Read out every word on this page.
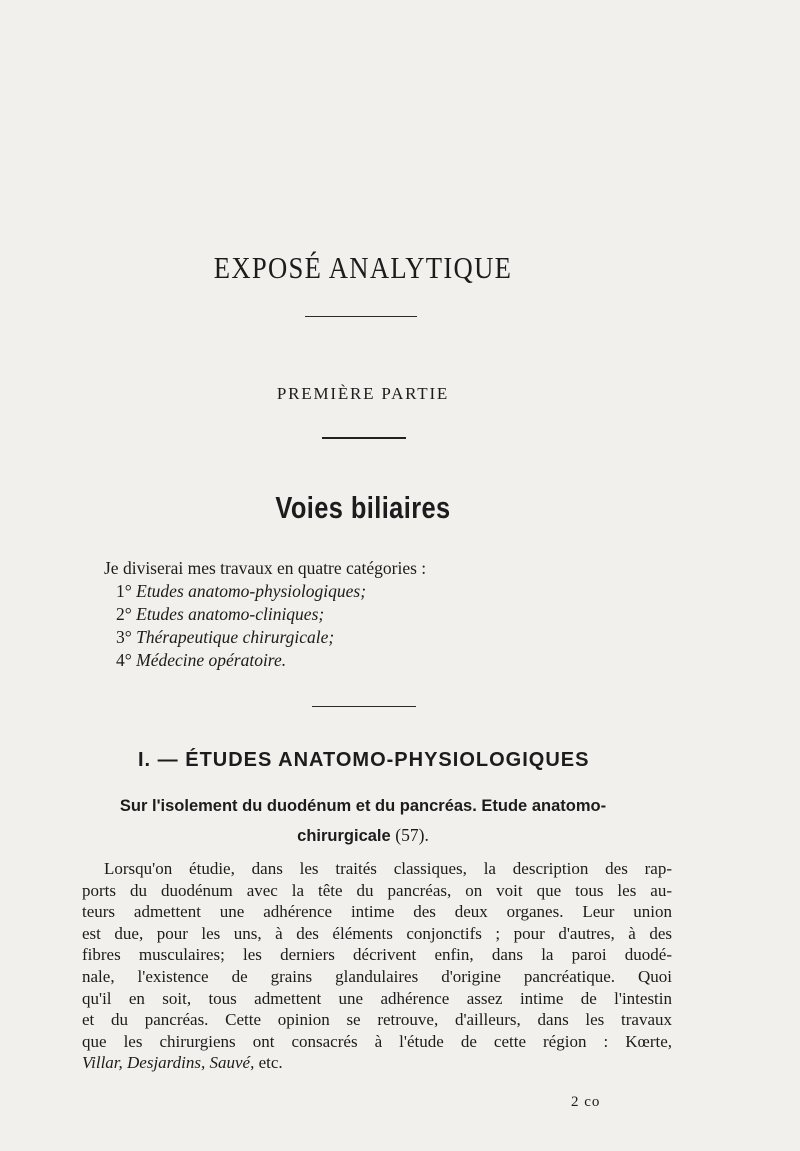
EXPOSÉ ANALYTIQUE
PREMIÈRE PARTIE
Voies biliaires
Je diviserai mes travaux en quatre catégories :
1° Etudes anatomo-physiologiques;
2° Etudes anatomo-cliniques;
3° Thérapeutique chirurgicale;
4° Médecine opératoire.
I. — ÉTUDES ANATOMO-PHYSIOLOGIQUES
Sur l'isolement du duodénum et du pancréas. Etude anatomo-
chirurgicale (57).
Lorsqu'on étudie, dans les traités classiques, la description des rap-
ports du duodénum avec la tête du pancréas, on voit que tous les au-
teurs admettent une adhérence intime des deux organes. Leur union
est due, pour les uns, à des éléments conjonctifs ; pour d'autres, à des
fibres musculaires; les derniers décrivent enfin, dans la paroi duodé-
nale, l'existence de grains glandulaires d'origine pancréatique. Quoi
qu'il en soit, tous admettent une adhérence assez intime de l'intestin
et du pancréas. Cette opinion se retrouve, d'ailleurs, dans les travaux
que les chirurgiens ont consacrés à l'étude de cette région : Kœrte,
Villar, Desjardins, Sauvé, etc.
2 co
